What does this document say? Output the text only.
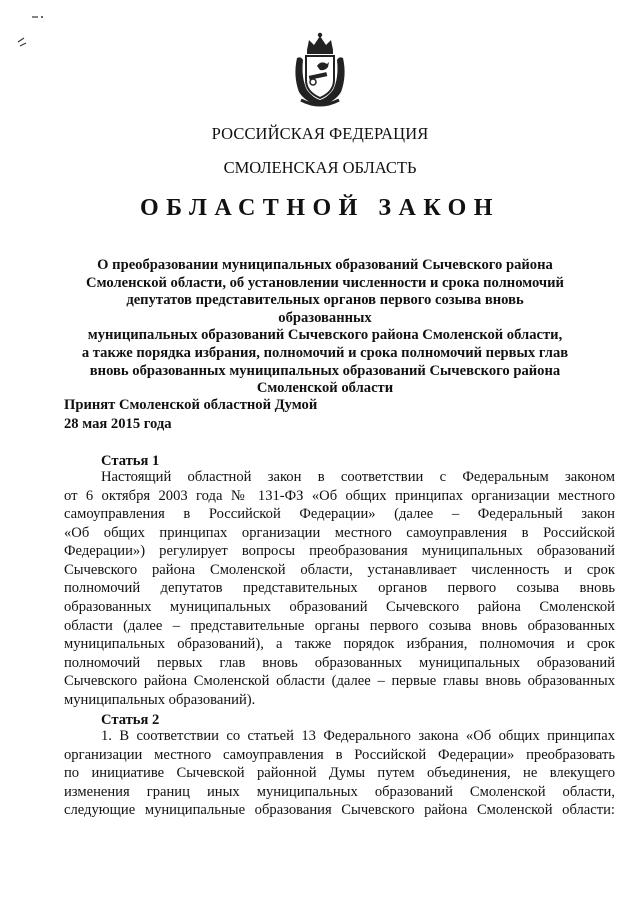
РОССИЙСКАЯ ФЕДЕРАЦИЯ
СМОЛЕНСКАЯ ОБЛАСТЬ
ОБЛАСТНОЙ ЗАКОН
О преобразовании муниципальных образований Сычевского района
Смоленской области, об установлении численности и срока полномочий
депутатов представительных органов первого созыва вновь образованных
муниципальных образований Сычевского района Смоленской области,
а также порядка избрания, полномочий и срока полномочий первых глав
вновь образованных муниципальных образований Сычевского района
Смоленской области
Принят Смоленской областной Думой
28 мая 2015 года
Статья 1
Настоящий областной закон в соответствии с Федеральным законом
от 6 октября 2003 года № 131-ФЗ «Об общих принципах организации местного
самоуправления в Российской Федерации» (далее – Федеральный закон
«Об общих принципах организации местного самоуправления в Российской
Федерации») регулирует вопросы преобразования муниципальных образований
Сычевского района Смоленской области, устанавливает численность и срок
полномочий депутатов представительных органов первого созыва вновь
образованных муниципальных образований Сычевского района Смоленской
области (далее – представительные органы первого созыва вновь образованных
муниципальных образований), а также порядок избрания, полномочия и срок
полномочий первых глав вновь образованных муниципальных образований
Сычевского района Смоленской области (далее – первые главы вновь образованных
муниципальных образований).
Статья 2
1. В соответствии со статьей 13 Федерального закона «Об общих принципах
организации местного самоуправления в Российской Федерации» преобразовать
по инициативе Сычевской районной Думы путем объединения, не влекущего
изменения границ иных муниципальных образований Смоленской области,
следующие муниципальные образования Сычевского района Смоленской области:
